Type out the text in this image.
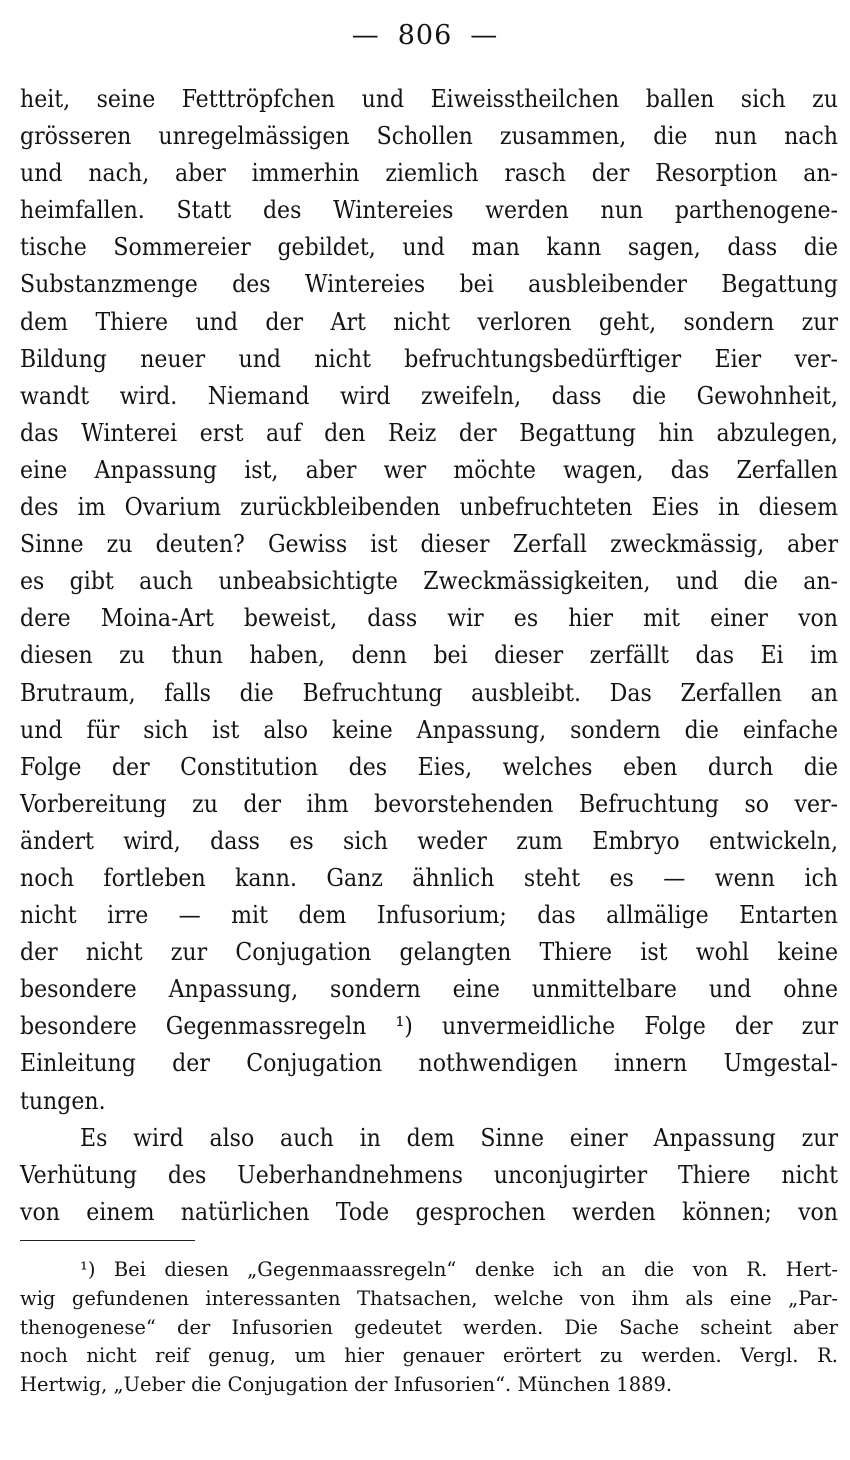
— 806 —
heit, seine Fetttröpfchen und Eiweisstheilchen ballen sich zu
grösseren unregelmässigen Schollen zusammen, die nun nach
und nach, aber immerhin ziemlich rasch der Resorption an-
heimfallen. Statt des Wintereies werden nun parthenogene-
tische Sommereier gebildet, und man kann sagen, dass die
Substanzmenge des Wintereies bei ausbleibender Begattung
dem Thiere und der Art nicht verloren geht, sondern zur
Bildung neuer und nicht befruchtungsbedürftiger Eier ver-
wandt wird. Niemand wird zweifeln, dass die Gewohnheit,
das Winterei erst auf den Reiz der Begattung hin abzulegen,
eine Anpassung ist, aber wer möchte wagen, das Zerfallen
des im Ovarium zurückbleibenden unbefruchteten Eies in diesem
Sinne zu deuten? Gewiss ist dieser Zerfall zweckmässig, aber
es gibt auch unbeabsichtigte Zweckmässigkeiten, und die an-
dere Moina-Art beweist, dass wir es hier mit einer von
diesen zu thun haben, denn bei dieser zerfällt das Ei im
Brutraum, falls die Befruchtung ausbleibt. Das Zerfallen an
und für sich ist also keine Anpassung, sondern die einfache
Folge der Constitution des Eies, welches eben durch die
Vorbereitung zu der ihm bevorstehenden Befruchtung so ver-
ändert wird, dass es sich weder zum Embryo entwickeln,
noch fortleben kann. Ganz ähnlich steht es — wenn ich
nicht irre — mit dem Infusorium; das allmälige Entarten
der nicht zur Conjugation gelangten Thiere ist wohl keine
besondere Anpassung, sondern eine unmittelbare und ohne
besondere Gegenmassregeln ¹) unvermeidliche Folge der zur
Einleitung der Conjugation nothwendigen innern Umgestal-
tungen.
Es wird also auch in dem Sinne einer Anpassung zur
Verhütung des Ueberhandnehmens unconjugirter Thiere nicht
von einem natürlichen Tode gesprochen werden können; von
¹) Bei diesen „Gegenmaassregeln“ denke ich an die von R. Hert-
wig gefundenen interessanten Thatsachen, welche von ihm als eine „Par-
thenogenese“ der Infusorien gedeutet werden. Die Sache scheint aber
noch nicht reif genug, um hier genauer erörtert zu werden. Vergl. R.
Hertwig, „Ueber die Conjugation der Infusorien“. München 1889.
